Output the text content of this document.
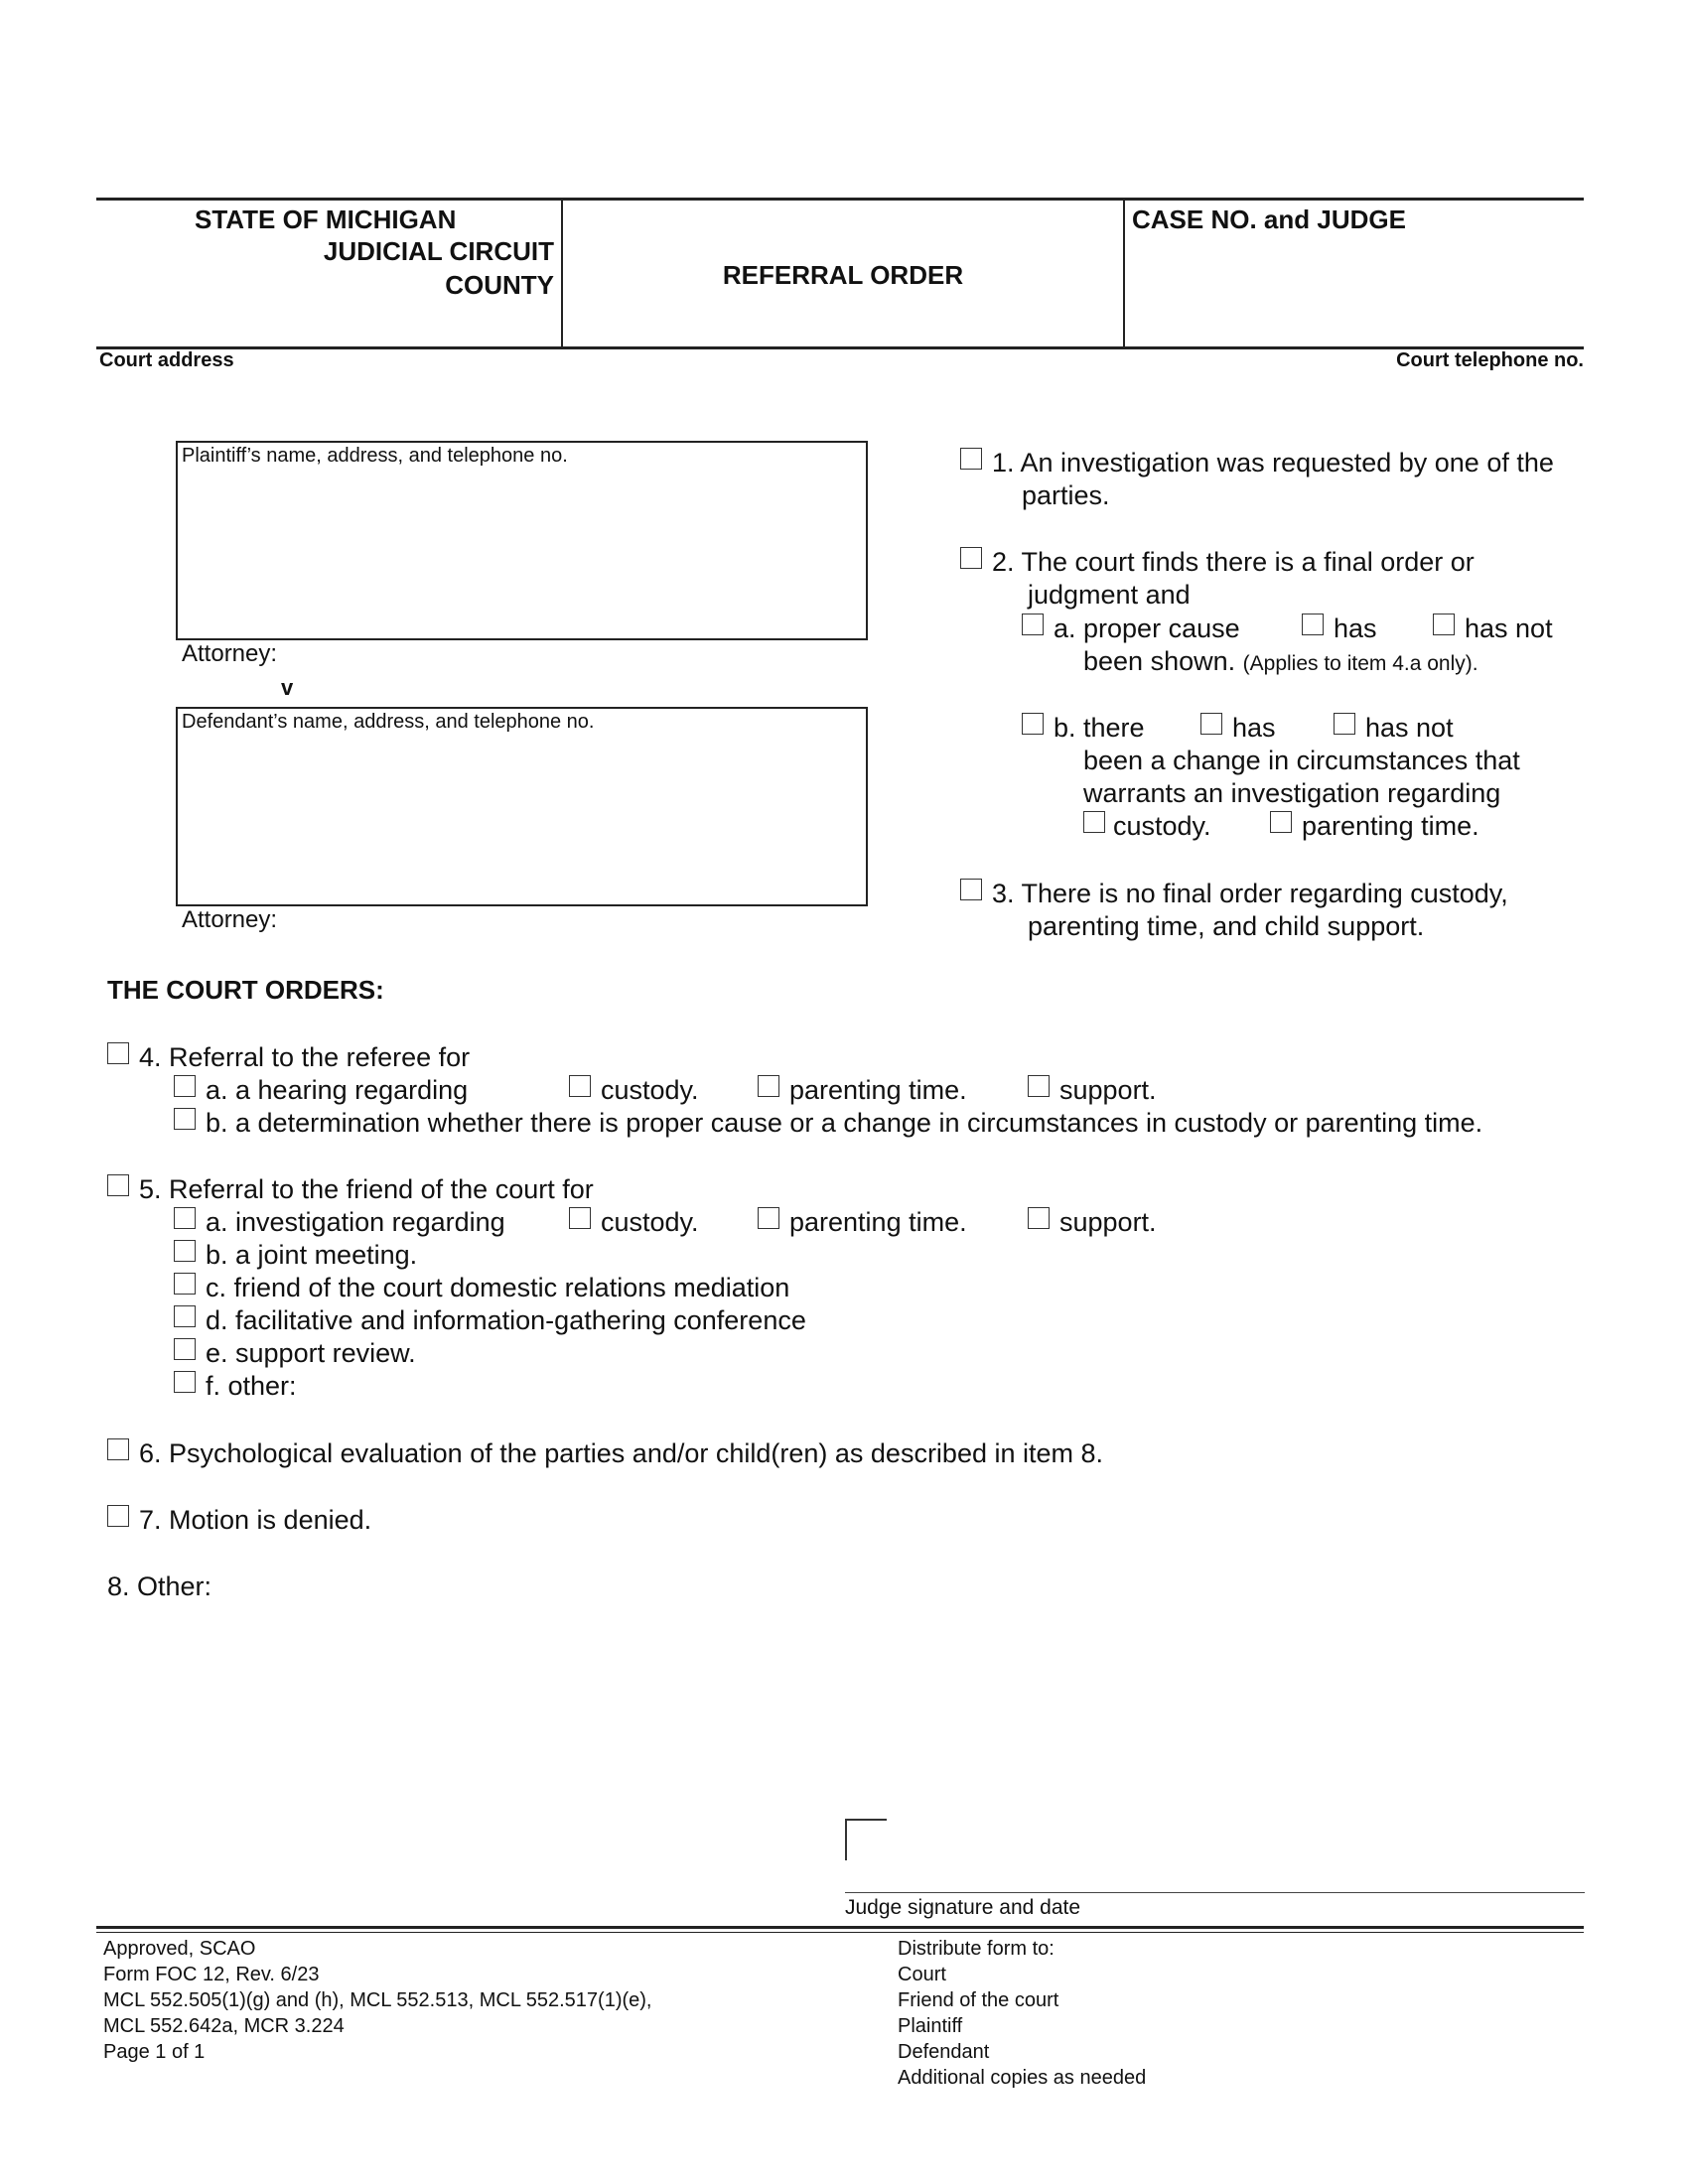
STATE OF MICHIGAN
JUDICIAL CIRCUIT
COUNTY	REFERRAL ORDER
CASE NO. and JUDGE
Court address	Court telephone no.
Plaintiff’s name, address, and telephone no.
Attorney:
v
Defendant’s name, address, and telephone no.
Attorney:
1. An investigation was requested by one of the
parties.
2. The court finds there is a final order or
judgment and
a. proper cause	has	has not
been shown. (Applies to item 4.a only).
b. there	has	has not
been a change in circumstances that
warrants an investigation regarding
custody.	parenting time.
3. There is no final order regarding custody,
parenting time, and child support.
THE COURT ORDERS:
4. Referral to the referee for
a. a hearing regarding	custody.	parenting time.	support.
b. a determination whether there is proper cause or a change in circumstances in custody or parenting time.
5. Referral to the friend of the court for
a. investigation regarding	custody.	parenting time.	support.
b. a joint meeting.
c. friend of the court domestic relations mediation
d. facilitative and information-gathering conference
e. support review.
f. other:
6. Psychological evaluation of the parties and/or child(ren) as described in item 8.
7. Motion is denied.
8. Other:
Judge signature and date
Approved, SCAO
Form FOC 12, Rev. 6/23
MCL 552.505(1)(g) and (h), MCL 552.513, MCL 552.517(1)(e),
MCL 552.642a, MCR 3.224
Page 1 of 1
Distribute form to:
Court
Friend of the court
Plaintiff
Defendant
Additional copies as needed
